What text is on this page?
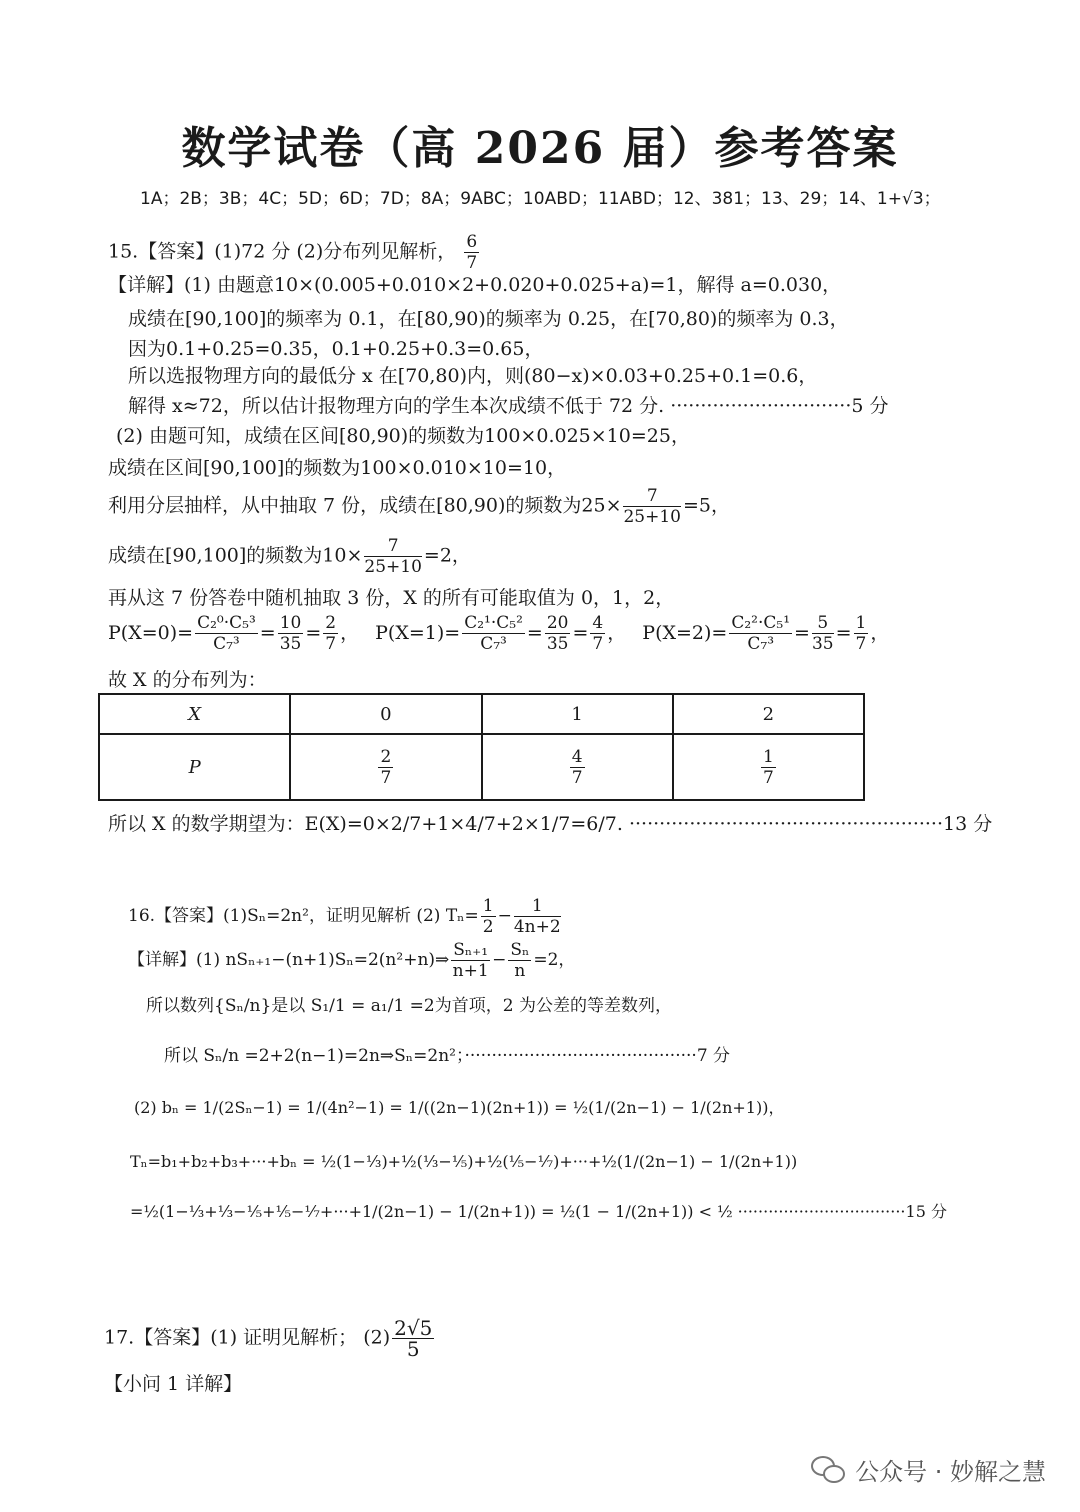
数学试卷（高 2026 届）参考答案
1A；2B；3B；4C；5D；6D；7D；8A；9ABC；10ABD；11ABD；12、381；13、29；14、1+√3；
15.【答案】(1)72 分 (2)分布列见解析， $\frac{6}{7}$
【详解】(1) 由题意10×(0.005+0.010×2+0.020+0.025+a)=1，解得 a=0.030，
成绩在[90,100]的频率为 0.1，在[80,90)的频率为 0.25，在[70,80)的频率为 0.3，
因为0.1+0.25=0.35，0.1+0.25+0.3=0.65，
所以选报物理方向的最低分 x 在[70,80)内，则(80−x)×0.03+0.25+0.1=0.6，
解得 x≈72，所以估计报物理方向的学生本次成绩不低于 72 分. ······························5 分
(2) 由题可知，成绩在区间[80,90)的频数为100×0.025×10=25，
成绩在区间[90,100]的频数为100×0.010×10=10，
利用分层抽样，从中抽取 7 份，成绩在[80,90)的频数为$25\times \frac{7}{25+10} =5$，
成绩在[90,100]的频数为$10\times \frac{7}{25+10} =2$，
再从这 7 份答卷中随机抽取 3 份，X 的所有可能取值为 0，1，2，
$P(X=0)= \frac{\text{C₂⁰·C₅³}}{\text{C₇³}} = \frac{10}{35} = \frac{2}{7}$ ， $P(X=1)= \frac{\text{C₂¹·C₅²}}{\text{C₇³}} = \frac{20}{35} = \frac{4}{7}$ ， $P(X=2)= \frac{\text{C₂²·C₅¹}}{\text{C₇³}} = \frac{5}{35} = \frac{1}{7}$ ，
故 X 的分布列为：
X	0	1	2
P	$\frac{2}{7}$	$\frac{4}{7}$	$\frac{1}{7}$
所以 X 的数学期望为：E(X)=0×2/7+1×4/7+2×1/7=6/7. ····················································13 分
16.【答案】(1)Sₙ=2n²，证明见解析 (2) $T_n= \frac{1}{2} - \frac{1}{4n+2}$
【详解】(1) nSₙ₊₁−(n+1)Sₙ=2(n²+n)⇒ $\frac{\text{Sₙ₊₁}}{n+1} - \frac{\text{Sₙ}}{n} =2$，
所以数列{Sₙ/n}是以 S₁/1 = a₁/1 =2为首项，2 为公差的等差数列，
所以 Sₙ/n =2+2(n−1)=2n⇒Sₙ=2n²；···········································7 分
(2) bₙ = 1/(2Sₙ−1) = 1/(4n²−1) = 1/((2n−1)(2n+1)) = ½(1/(2n−1) − 1/(2n+1))，
Tₙ=b₁+b₂+b₃+···+bₙ = ½(1−⅓)+½(⅓−⅕)+½(⅕−⅐)+···+½(1/(2n−1) − 1/(2n+1))
=½(1−⅓+⅓−⅕+⅕−⅐+···+1/(2n−1) − 1/(2n+1)) = ½(1 − 1/(2n+1)) < ½ ·································15 分
17.【答案】(1) 证明见解析； $(2) \frac{2√5}{5}$
【小问 1 详解】
公众号 · 妙解之慧
